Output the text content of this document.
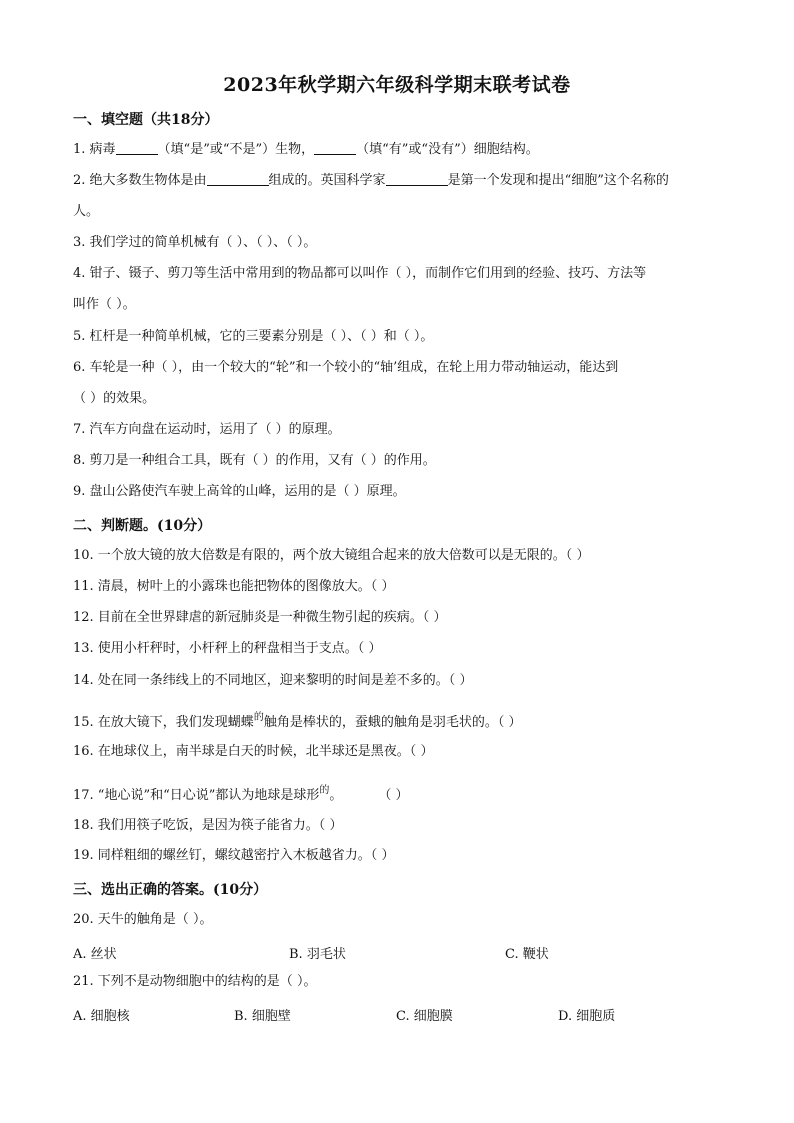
2023年秋学期六年级科学期末联考试卷
一、填空题（共18分）
1. 病毒	（填“是”或“不是”）生物，	（填“有”或“没有”）细胞结构。
2. 绝大多数生物体是由	组成的。英国科学家	是第一个发现和提出“细胞”这个名称的
人。
3. 我们学过的简单机械有（ ）、（ ）、（ ）。
4. 钳子、镊子、剪刀等生活中常用到的物品都可以叫作（ ），而制作它们用到的经验、技巧、方法等
叫作（ ）。
5. 杠杆是一种简单机械，它的三要素分别是（ ）、（ ）和（ ）。
6. 车轮是一种（ ），由一个较大的“轮”和一个较小的“轴’组成，在轮上用力带动轴运动，能达到
（ ）的效果。
7. 汽车方向盘在运动时，运用了（ ）的原理。
8. 剪刀是一种组合工具，既有（ ）的作用，又有（ ）的作用。
9. 盘山公路使汽车驶上高耸的山峰，运用的是（ ）原理。
二、判断题。(10分）
10. 一个放大镜的放大倍数是有限的，两个放大镜组合起来的放大倍数可以是无限的。（ ）
11. 清晨，树叶上的小露珠也能把物体的图像放大。（ ）
12. 目前在全世界肆虐的新冠肺炎是一种微生物引起的疾病。（ ）
13. 使用小杆秤时，小杆秤上的秤盘相当于支点。（ ）
14. 处在同一条纬线上的不同地区，迎来黎明的时间是差不多的。（ ）
15. 在放大镜下，我们发现蝴蝶$^的$触角是棒状的，蚕蛾的触角是羽毛状的。（ ）
16. 在地球仪上，南半球是白天的时候，北半球还是黑夜。（ ）
17. “地心说”和“日心说”都认为地球是球形$^的$。	（ ）
18. 我们用筷子吃饭，是因为筷子能省力。（ ）
19. 同样粗细的螺丝钉，螺纹越密拧入木板越省力。（ ）
三、选出正确的答案。(10分）
20. 天牛的触角是（ ）。
A. 丝状	B. 羽毛状	C. 鞭状
21. 下列不是动物细胞中的结构的是（ ）。
A. 细胞核	B. 细胞壁	C. 细胞膜	D. 细胞质
